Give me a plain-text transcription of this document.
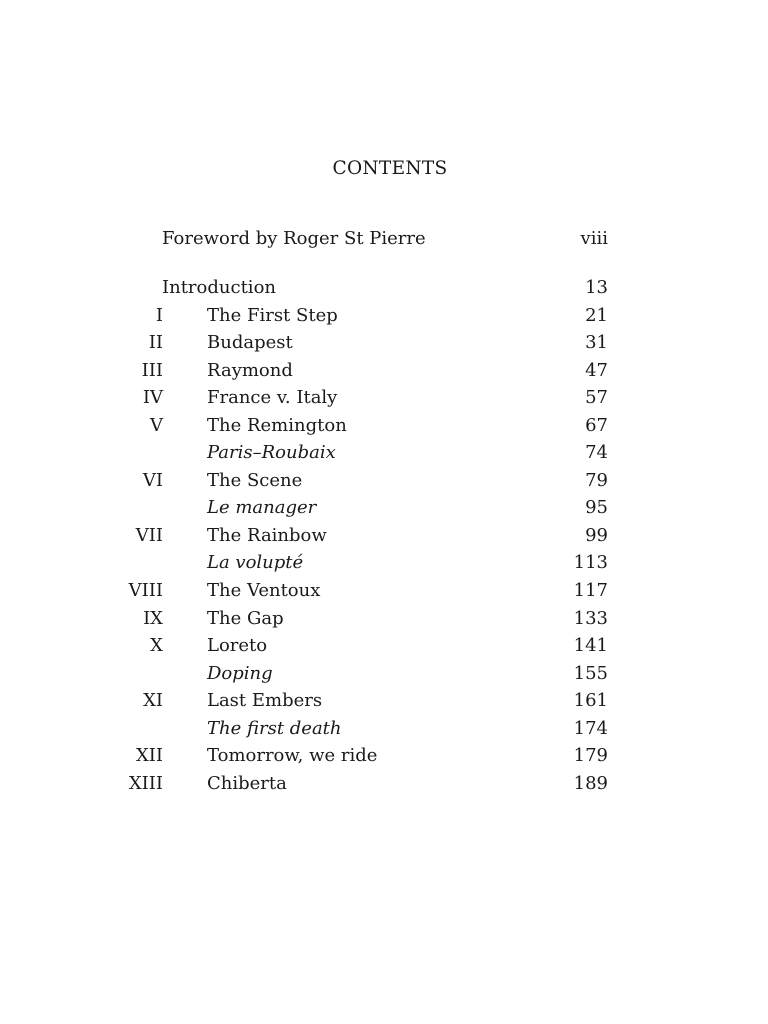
CONTENTS
Foreword by Roger St Pierre	viii
Introduction	13
I The First Step	21
II Budapest	31
III Raymond	47
IV France v. Italy	57
V The Remington	67
Paris–Roubaix	74
VI The Scene	79
Le manager	95
VII The Rainbow	99
La volupté	113
VIII The Ventoux	117
IX The Gap	133
X Loreto	141
Doping	155
XI Last Embers	161
The first death	174
XII Tomorrow, we ride	179
XIII Chiberta	189
